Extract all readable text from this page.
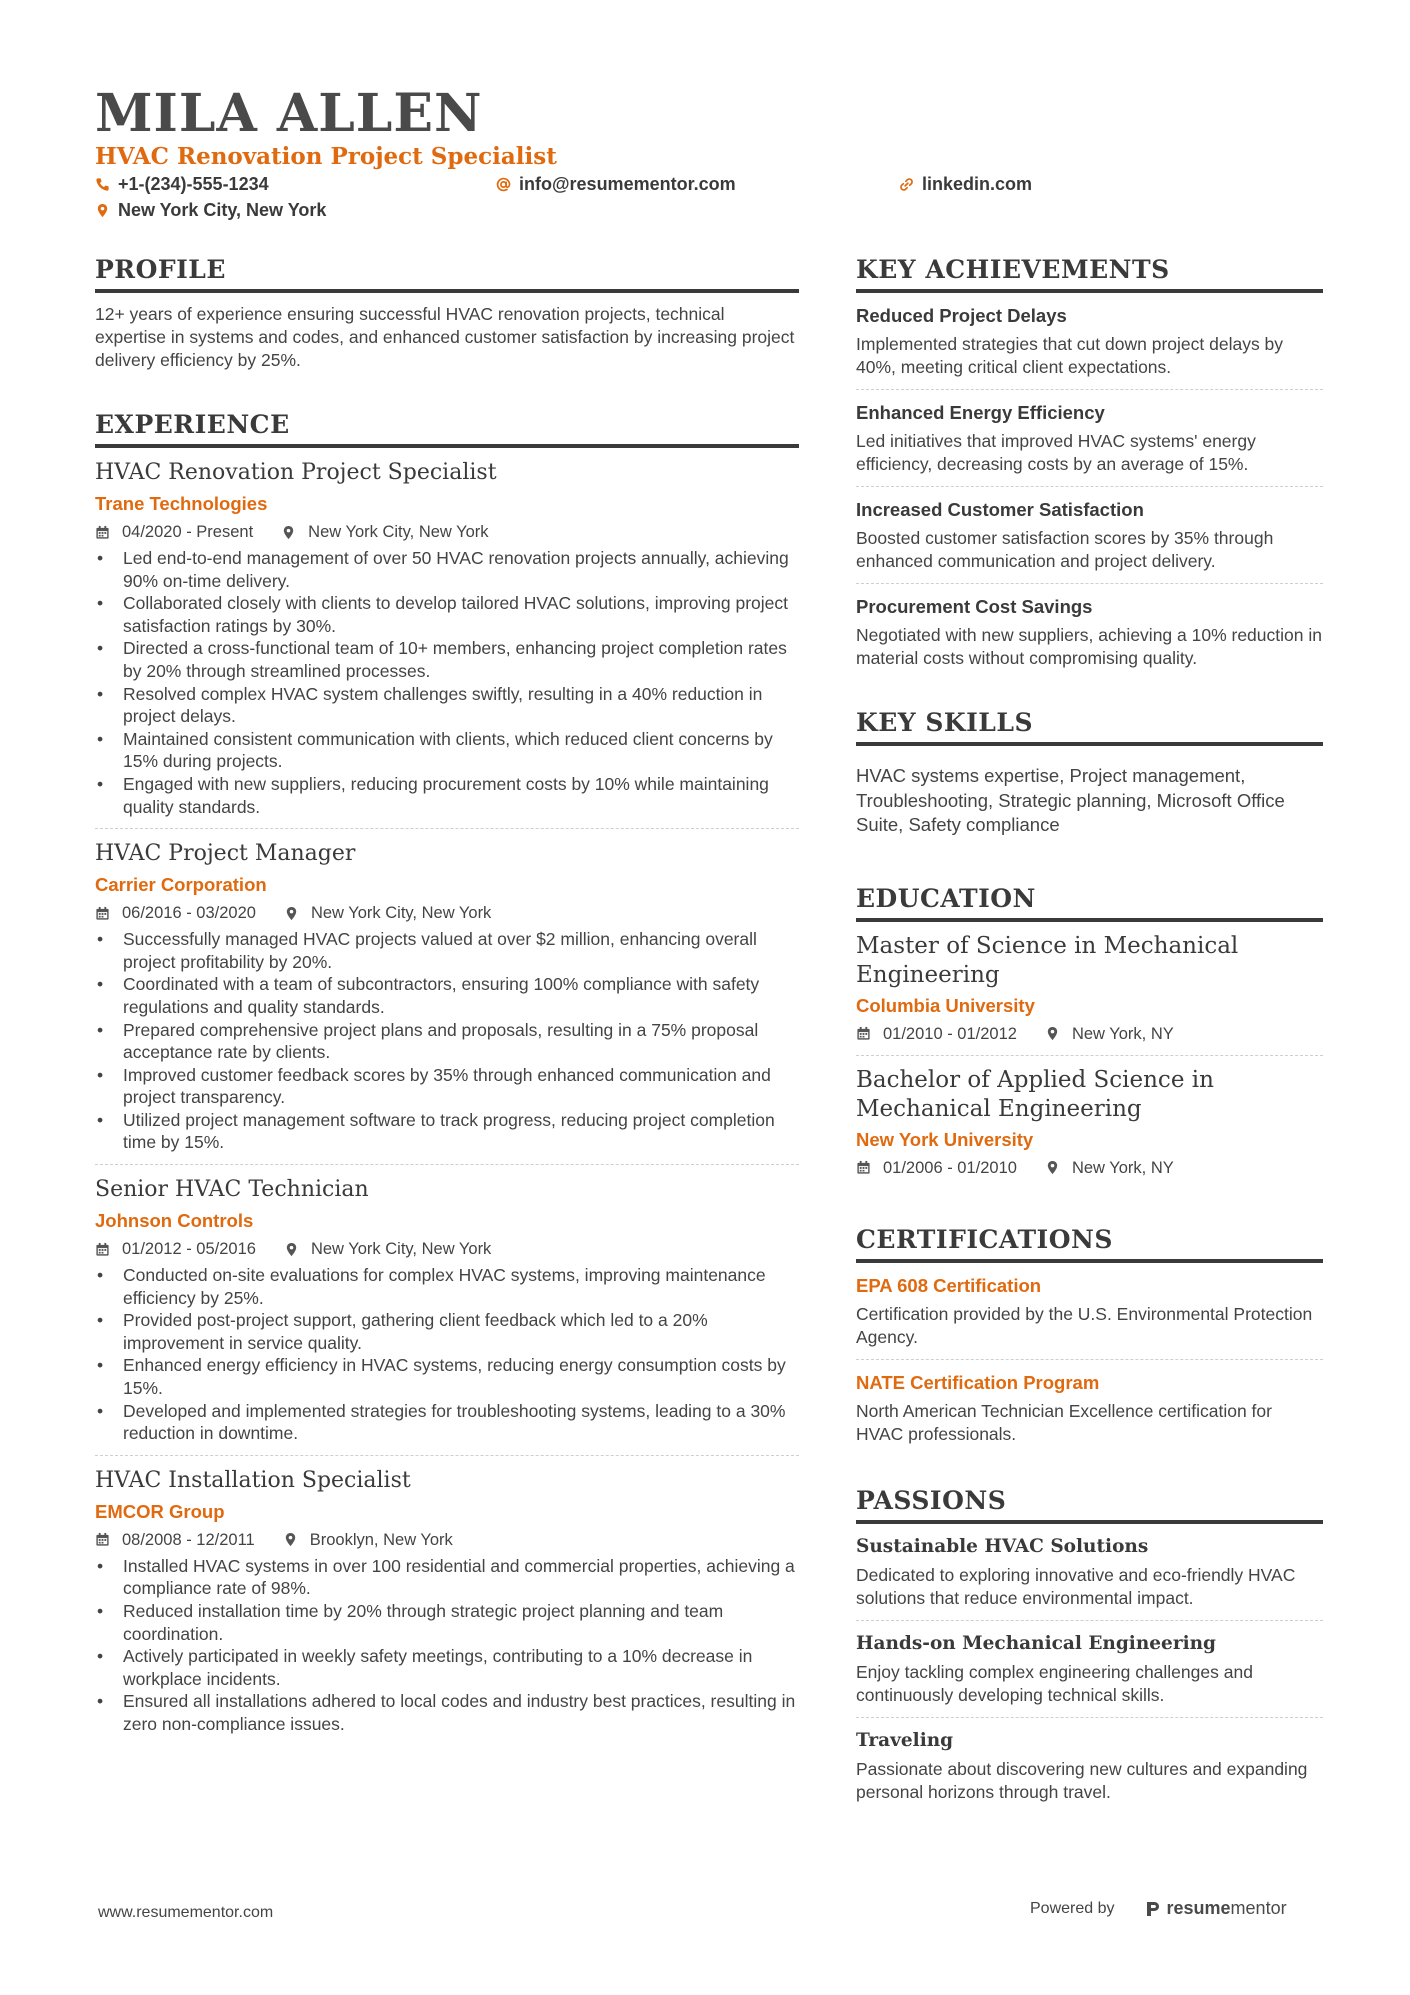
MILA ALLEN
HVAC Renovation Project Specialist
+1-(234)-555-1234	info@resumementor.com	linkedin.com
New York City, New York
PROFILE
12+ years of experience ensuring successful HVAC renovation projects, technical expertise in systems and codes, and enhanced customer satisfaction by increasing project delivery efficiency by 25%.
EXPERIENCE
HVAC Renovation Project Specialist
Trane Technologies
04/2020 - Present	New York City, New York
• Led end-to-end management of over 50 HVAC renovation projects annually, achieving 90% on-time delivery.
• Collaborated closely with clients to develop tailored HVAC solutions, improving project satisfaction ratings by 30%.
• Directed a cross-functional team of 10+ members, enhancing project completion rates by 20% through streamlined processes.
• Resolved complex HVAC system challenges swiftly, resulting in a 40% reduction in project delays.
• Maintained consistent communication with clients, which reduced client concerns by 15% during projects.
• Engaged with new suppliers, reducing procurement costs by 10% while maintaining quality standards.
HVAC Project Manager
Carrier Corporation
06/2016 - 03/2020	New York City, New York
• Successfully managed HVAC projects valued at over $2 million, enhancing overall project profitability by 20%.
• Coordinated with a team of subcontractors, ensuring 100% compliance with safety regulations and quality standards.
• Prepared comprehensive project plans and proposals, resulting in a 75% proposal acceptance rate by clients.
• Improved customer feedback scores by 35% through enhanced communication and project transparency.
• Utilized project management software to track progress, reducing project completion time by 15%.
Senior HVAC Technician
Johnson Controls
01/2012 - 05/2016	New York City, New York
• Conducted on-site evaluations for complex HVAC systems, improving maintenance efficiency by 25%.
• Provided post-project support, gathering client feedback which led to a 20% improvement in service quality.
• Enhanced energy efficiency in HVAC systems, reducing energy consumption costs by 15%.
• Developed and implemented strategies for troubleshooting systems, leading to a 30% reduction in downtime.
HVAC Installation Specialist
EMCOR Group
08/2008 - 12/2011	Brooklyn, New York
• Installed HVAC systems in over 100 residential and commercial properties, achieving a compliance rate of 98%.
• Reduced installation time by 20% through strategic project planning and team coordination.
• Actively participated in weekly safety meetings, contributing to a 10% decrease in workplace incidents.
• Ensured all installations adhered to local codes and industry best practices, resulting in zero non-compliance issues.
KEY ACHIEVEMENTS
Reduced Project Delays
Implemented strategies that cut down project delays by 40%, meeting critical client expectations.
Enhanced Energy Efficiency
Led initiatives that improved HVAC systems' energy efficiency, decreasing costs by an average of 15%.
Increased Customer Satisfaction
Boosted customer satisfaction scores by 35% through enhanced communication and project delivery.
Procurement Cost Savings
Negotiated with new suppliers, achieving a 10% reduction in material costs without compromising quality.
KEY SKILLS
HVAC systems expertise, Project management, Troubleshooting, Strategic planning, Microsoft Office Suite, Safety compliance
EDUCATION
Master of Science in Mechanical Engineering
Columbia University
01/2010 - 01/2012	New York, NY
Bachelor of Applied Science in Mechanical Engineering
New York University
01/2006 - 01/2010	New York, NY
CERTIFICATIONS
EPA 608 Certification
Certification provided by the U.S. Environmental Protection Agency.
NATE Certification Program
North American Technician Excellence certification for HVAC professionals.
PASSIONS
Sustainable HVAC Solutions
Dedicated to exploring innovative and eco-friendly HVAC solutions that reduce environmental impact.
Hands-on Mechanical Engineering
Enjoy tackling complex engineering challenges and continuously developing technical skills.
Traveling
Passionate about discovering new cultures and expanding personal horizons through travel.
www.resumementor.com	Powered by	resumementor
